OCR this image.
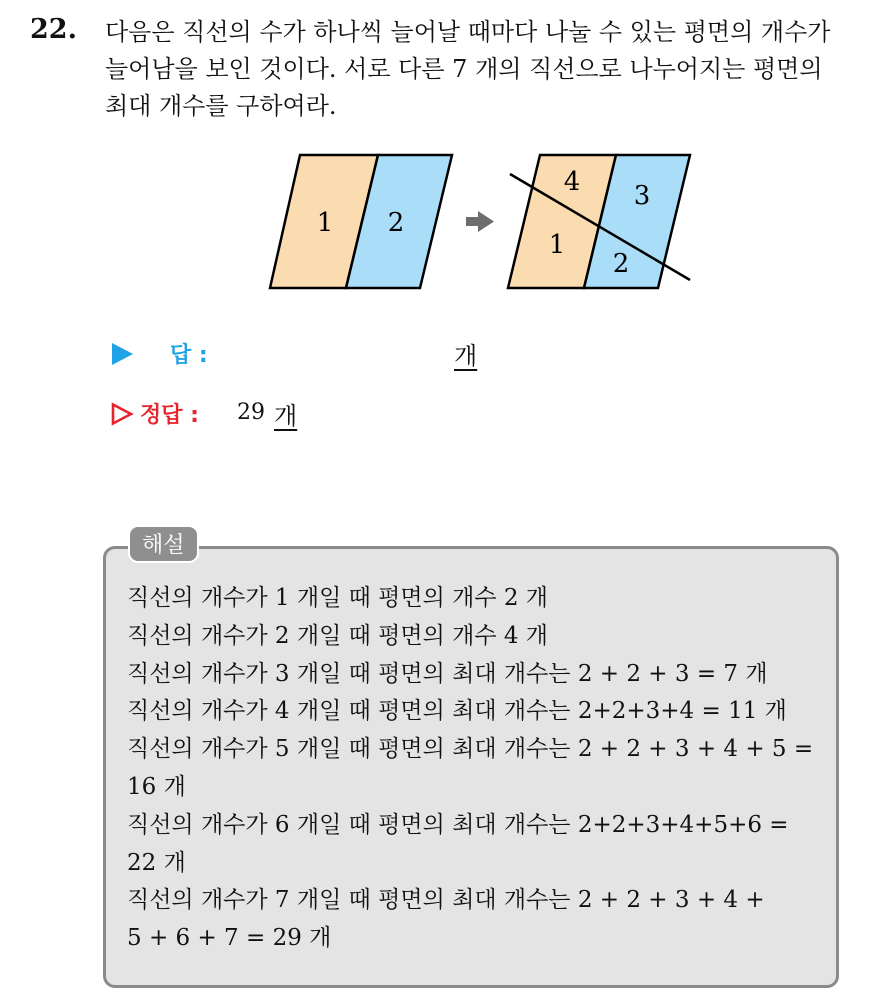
22. 다음은 직선의 수가 하나씩 늘어날 때마다 나눌 수 있는 평면의 개수가
늘어남을 보인 것이다. 서로 다른 7 개의 직선으로 나누어지는 평면의
최대 개수를 구하여라.
1 2
4 3
1
2
답 :	개
정답 : 29 개
해설
직선의 개수가 1 개일 때 평면의 개수 2 개
직선의 개수가 2 개일 때 평면의 개수 4 개
직선의 개수가 3 개일 때 평면의 최대 개수는 2 + 2 + 3 = 7 개
직선의 개수가 4 개일 때 평면의 최대 개수는 2+2+3+4 = 11 개
직선의 개수가 5 개일 때 평면의 최대 개수는 2 + 2 + 3 + 4 + 5 =
16 개
직선의 개수가 6 개일 때 평면의 최대 개수는 2+2+3+4+5+6 =
22 개
직선의 개수가 7 개일 때 평면의 최대 개수는 2 + 2 + 3 + 4 +
5 + 6 + 7 = 29 개
